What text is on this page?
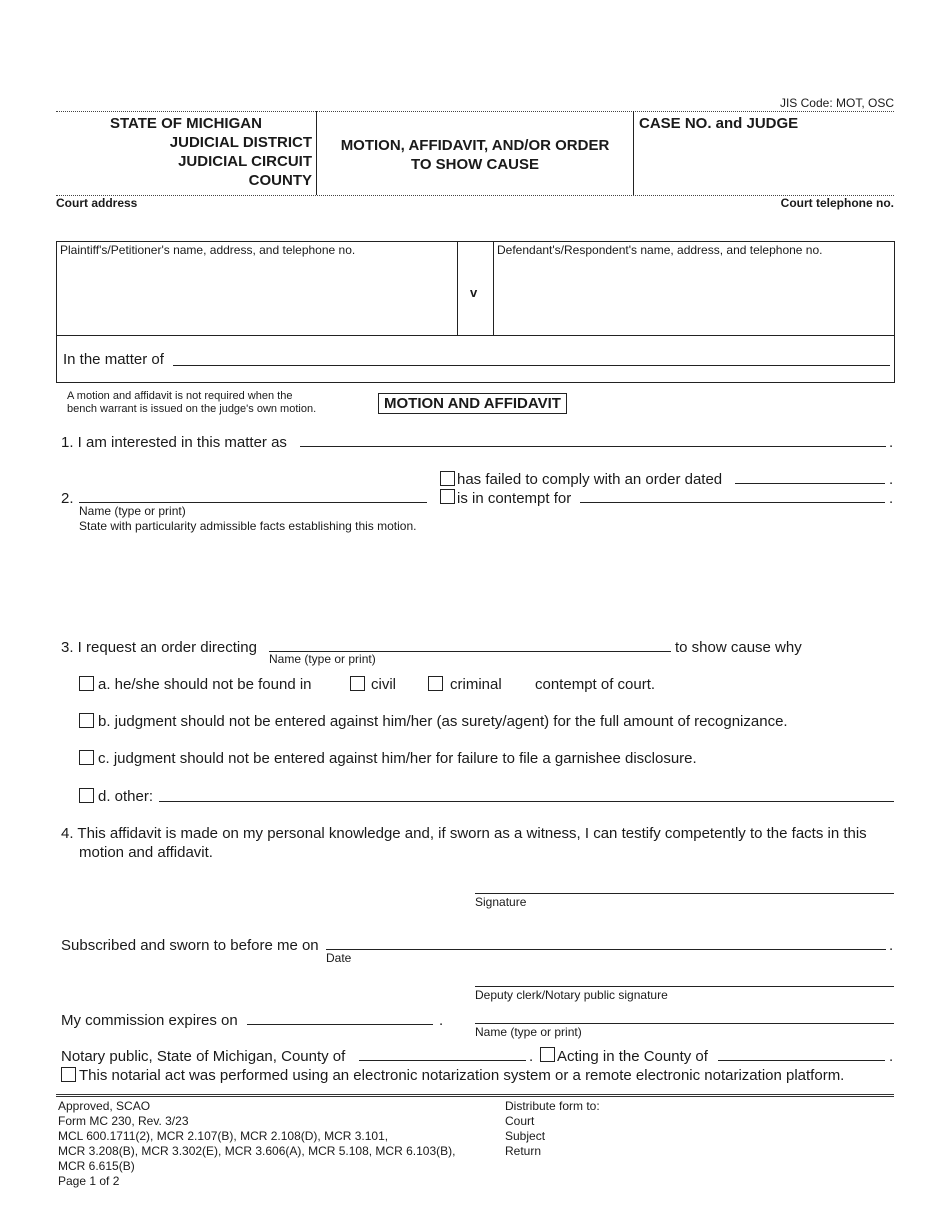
JIS Code: MOT, OSC
STATE OF MICHIGAN
JUDICIAL DISTRICT
JUDICIAL CIRCUIT
COUNTY
MOTION, AFFIDAVIT, AND/OR ORDER
TO SHOW CAUSE
CASE NO. and JUDGE
Court address	Court telephone no.
Plaintiff's/Petitioner's name, address, and telephone no.
v
Defendant's/Respondent's name, address, and telephone no.
In the matter of
A motion and affidavit is not required when the
bench warrant is issued on the judge's own motion.	MOTION AND AFFIDAVIT
1. I am interested in this matter as	.
has failed to comply with an order dated	.
2.	is in contempt for	.
Name (type or print)
State with particularity admissible facts establishing this motion.
3. I request an order directing
Name (type or print)
to show cause why
a. he/she should not be found in	civil	criminal contempt of court.
b. judgment should not be entered against him/her (as surety/agent) for the full amount of recognizance.
c. judgment should not be entered against him/her for failure to file a garnishee disclosure.
d. other:
4. This affidavit is made on my personal knowledge and, if sworn as a witness, I can testify competently to the facts in this
motion and affidavit.
Signature
Subscribed and sworn to before me on	.
Date
Deputy clerk/Notary public signature
My commission expires on	.
Name (type or print)
Notary public, State of Michigan, County of	. Acting in the County of	.
This notarial act was performed using an electronic notarization system or a remote electronic notarization platform.
Approved, SCAO
Form MC 230, Rev. 3/23
MCL 600.1711(2), MCR 2.107(B), MCR 2.108(D), MCR 3.101,
MCR 3.208(B), MCR 3.302(E), MCR 3.606(A), MCR 5.108, MCR 6.103(B),
MCR 6.615(B)
Page 1 of 2
Distribute form to:
Court
Subject
Return
